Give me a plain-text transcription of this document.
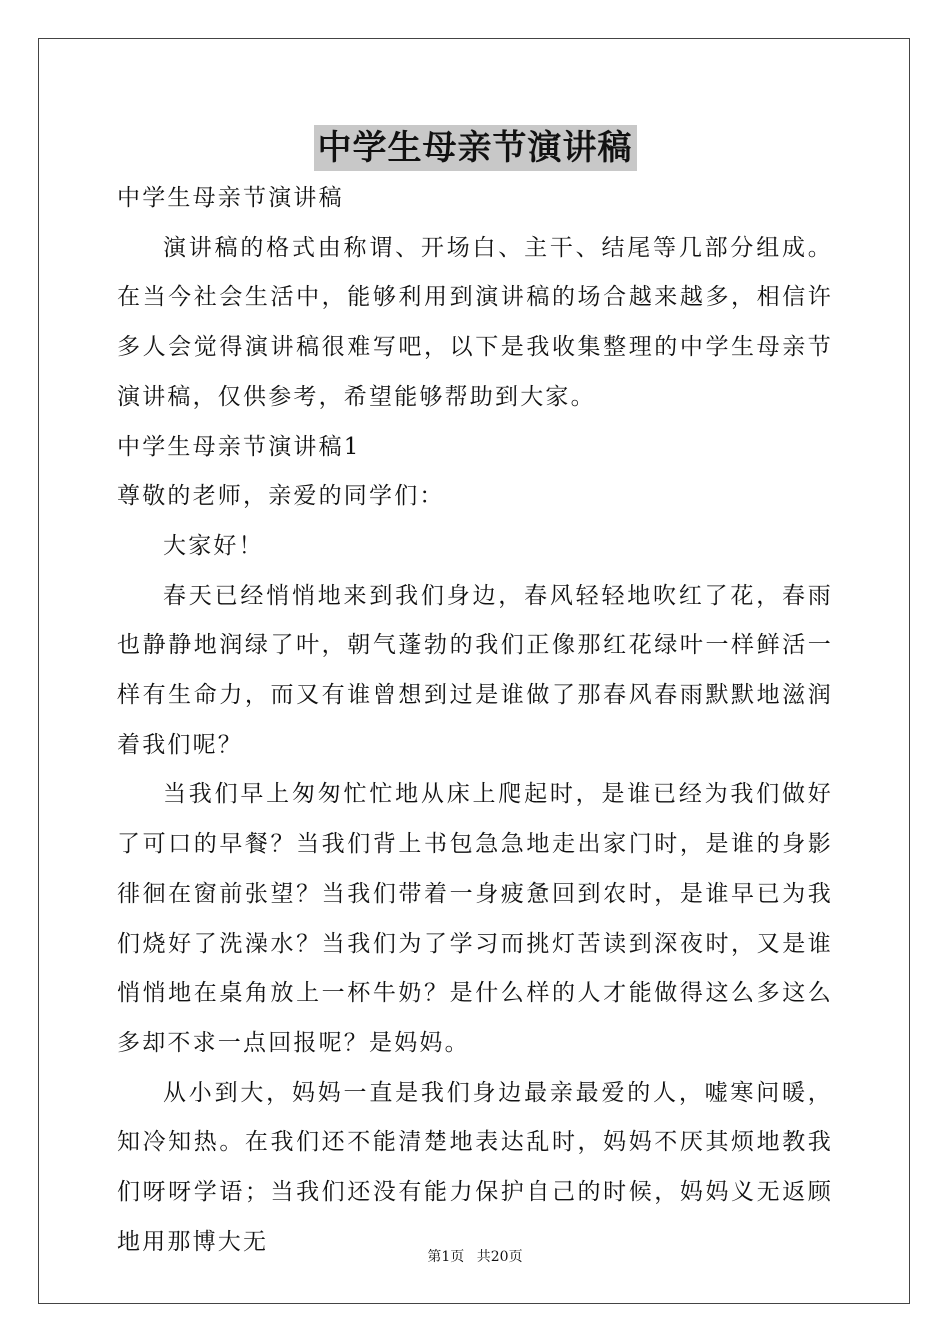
中学生母亲节演讲稿

中学生母亲节演讲稿

演讲稿的格式由称谓、开场白、主干、结尾等几部分组成。在当今社会生活中，能够利用到演讲稿的场合越来越多，相信许多人会觉得演讲稿很难写吧，以下是我收集整理的中学生母亲节演讲稿，仅供参考，希望能够帮助到大家。

中学生母亲节演讲稿1

尊敬的老师，亲爱的同学们：

大家好！

春天已经悄悄地来到我们身边，春风轻轻地吹红了花，春雨也静静地润绿了叶，朝气蓬勃的我们正像那红花绿叶一样鲜活一样有生命力，而又有谁曾想到过是谁做了那春风春雨默默地滋润着我们呢？

当我们早上匆匆忙忙地从床上爬起时，是谁已经为我们做好了可口的早餐？当我们背上书包急急地走出家门时，是谁的身影徘徊在窗前张望？当我们带着一身疲惫回到农时，是谁早已为我们烧好了洗澡水？当我们为了学习而挑灯苦读到深夜时，又是谁悄悄地在桌角放上一杯牛奶？是什么样的人才能做得这么多这么多却不求一点回报呢？是妈妈。

从小到大，妈妈一直是我们身边最亲最爱的人，嘘寒问暖，知冷知热。在我们还不能清楚地表达乱时，妈妈不厌其烦地教我们呀呀学语；当我们还没有能力保护自己的时候，妈妈义无返顾地用那博大无

第1页 共20页
